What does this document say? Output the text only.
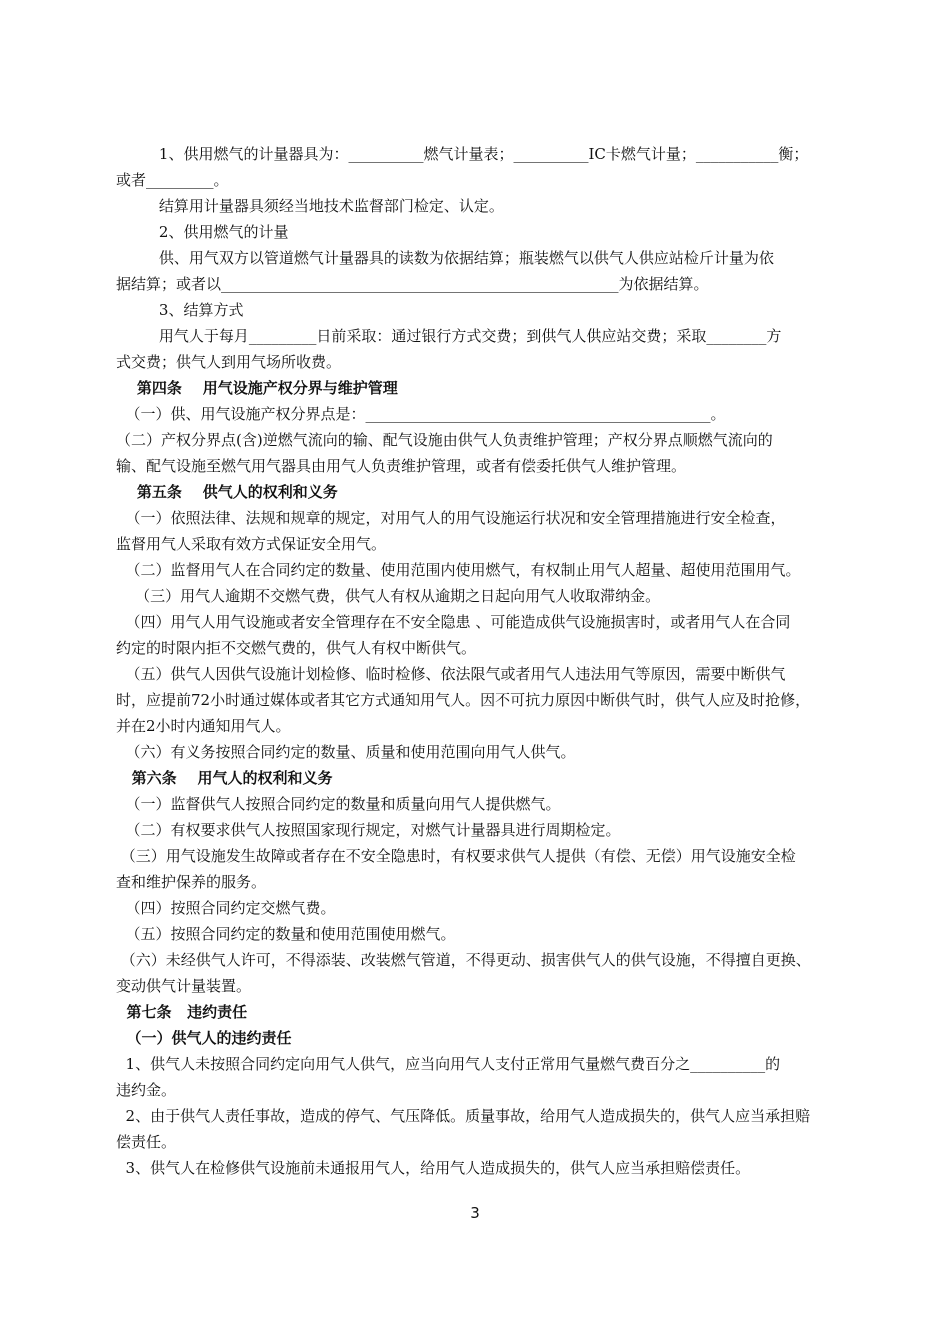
1、供用燃气的计量器具为：__________燃气计量表；__________IC卡燃气计量；___________衡；
或者_________。
结算用计量器具须经当地技术监督部门检定、认定。
2、供用燃气的计量
供、用气双方以管道燃气计量器具的读数为依据结算；瓶装燃气以供气人供应站检斤计量为依
据结算；或者以_____________________________________________________为依据结算。
3、结算方式
用气人于每月_________日前采取：通过银行方式交费；到供气人供应站交费；采取________方
式交费；供气人到用气场所收费。
第四条    用气设施产权分界与维护管理
（一）供、用气设施产权分界点是：______________________________________________。
（二）产权分界点(含)逆燃气流向的输、配气设施由供气人负责维护管理；产权分界点顺燃气流向的
输、配气设施至燃气用气器具由用气人负责维护管理，或者有偿委托供气人维护管理。
第五条    供气人的权利和义务
（一）依照法律、法规和规章的规定，对用气人的用气设施运行状况和安全管理措施进行安全检查，
监督用气人采取有效方式保证安全用气。
（二）监督用气人在合同约定的数量、使用范围内使用燃气，有权制止用气人超量、超使用范围用气。
（三）用气人逾期不交燃气费，供气人有权从逾期之日起向用气人收取滞纳金。
（四）用气人用气设施或者安全管理存在不安全隐患 、可能造成供气设施损害时，或者用气人在合同
约定的时限内拒不交燃气费的，供气人有权中断供气。
（五）供气人因供气设施计划检修、临时检修、依法限气或者用气人违法用气等原因，需要中断供气
时，应提前72小时通过媒体或者其它方式通知用气人。因不可抗力原因中断供气时，供气人应及时抢修，
并在2小时内通知用气人。
（六）有义务按照合同约定的数量、质量和使用范围向用气人供气。
第六条    用气人的权利和义务
（一）监督供气人按照合同约定的数量和质量向用气人提供燃气。
（二）有权要求供气人按照国家现行规定，对燃气计量器具进行周期检定。
（三）用气设施发生故障或者存在不安全隐患时，有权要求供气人提供（有偿、无偿）用气设施安全检
查和维护保养的服务。
（四）按照合同约定交燃气费。
（五）按照合同约定的数量和使用范围使用燃气。
（六）未经供气人许可，不得添装、改装燃气管道，不得更动、损害供气人的供气设施，不得擅自更换、
变动供气计量装置。
第七条   违约责任
（一）供气人的违约责任
1、供气人未按照合同约定向用气人供气，应当向用气人支付正常用气量燃气费百分之__________的
违约金。
2、由于供气人责任事故，造成的停气、气压降低。质量事故，给用气人造成损失的，供气人应当承担赔
偿责任。
3、供气人在检修供气设施前未通报用气人，给用气人造成损失的，供气人应当承担赔偿责任。
3
